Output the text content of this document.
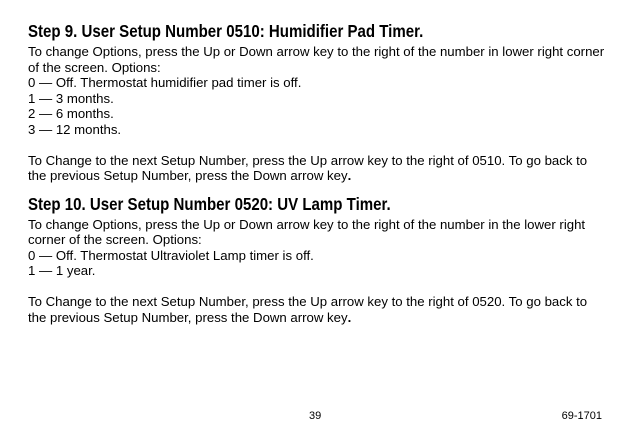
Step 9. User Setup Number 0510: Humidifier Pad Timer.

To change Options, press the Up or Down arrow key to the right of the number in lower right corner of the screen. Options:

0 — Off. Thermostat humidifier pad timer is off.

1 — 3 months.

2 — 6 months.

3 — 12 months.

To Change to the next Setup Number, press the Up arrow key to the right of 0510. To go back to the previous Setup Number, press the Down arrow key.

Step 10. User Setup Number 0520: UV Lamp Timer.

To change Options, press the Up or Down arrow key to the right of the number in the lower right corner of the screen. Options:

0 — Off. Thermostat Ultraviolet Lamp timer is off.

1 — 1 year.

To Change to the next Setup Number, press the Up arrow key to the right of 0520. To go back to the previous Setup Number, press the Down arrow key.

39	69-1701
